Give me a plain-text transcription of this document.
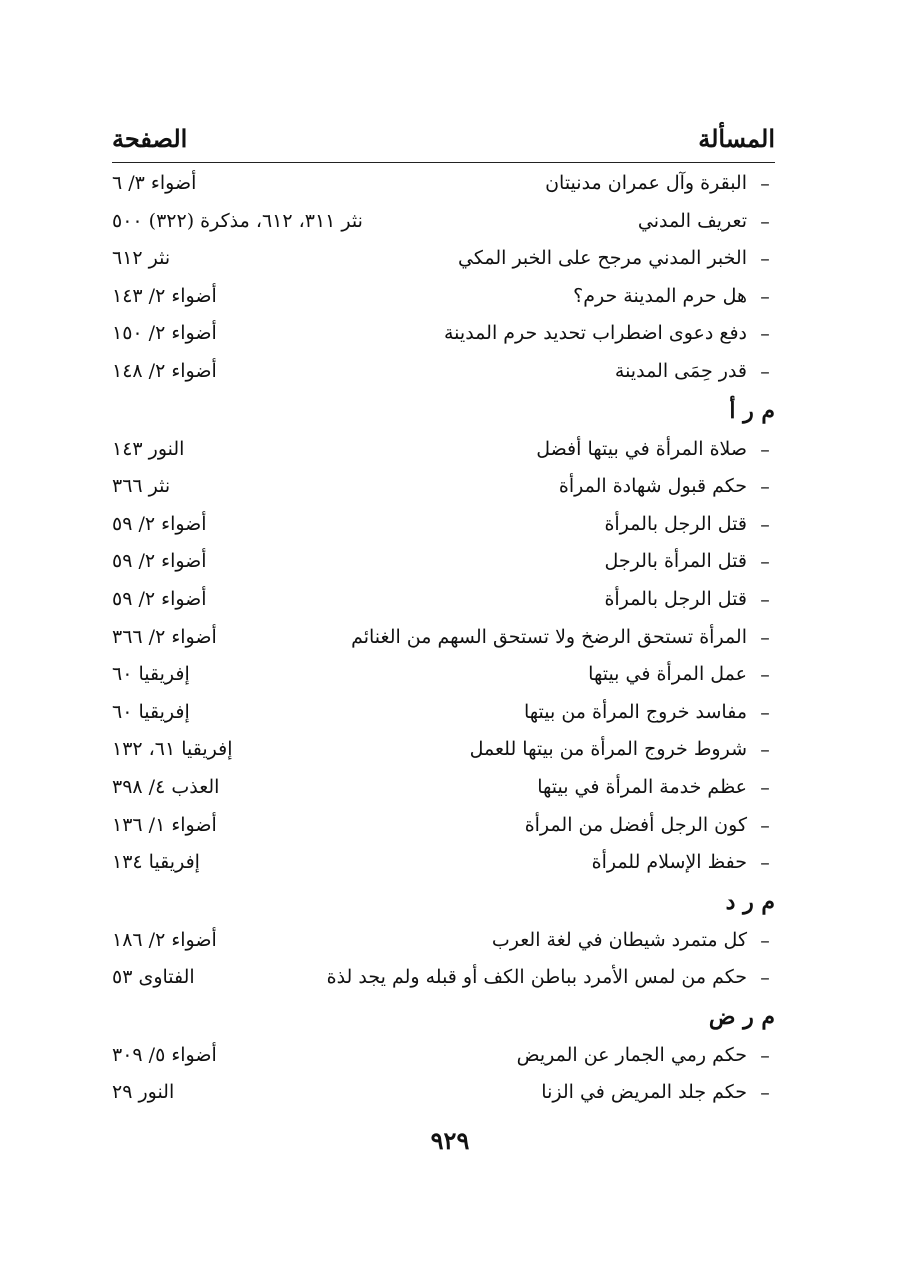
المسألة
الصفحة
–
البقرة وآل عمران مدنيتان
أضواء ٣/ ٦
–
تعريف المدني
نثر ٣١١، ٦١٢، مذكرة (٣٢٢) ٥٠٠
–
الخبر المدني مرجح على الخبر المكي
نثر ٦١٢
–
هل حرم المدينة حرم؟
أضواء ٢/ ١٤٣
–
دفع دعوى اضطراب تحديد حرم المدينة
أضواء ٢/ ١٥٠
–
قدر حِمَى المدينة
أضواء ٢/ ١٤٨
م ر أ
–
صلاة المرأة في بيتها أفضل
النور ١٤٣
–
حكم قبول شهادة المرأة
نثر ٣٦٦
–
قتل الرجل بالمرأة
أضواء ٢/ ٥٩
–
قتل المرأة بالرجل
أضواء ٢/ ٥٩
–
قتل الرجل بالمرأة
أضواء ٢/ ٥٩
–
المرأة تستحق الرضخ ولا تستحق السهم من الغنائم
أضواء ٢/ ٣٦٦
–
عمل المرأة في بيتها
إفريقيا ٦٠
–
مفاسد خروج المرأة من بيتها
إفريقيا ٦٠
–
شروط خروج المرأة من بيتها للعمل
إفريقيا ٦١، ١٣٢
–
عظم خدمة المرأة في بيتها
العذب ٤/ ٣٩٨
–
كون الرجل أفضل من المرأة
أضواء ١/ ١٣٦
–
حفظ الإسلام للمرأة
إفريقيا ١٣٤
م ر د
–
كل متمرد شيطان في لغة العرب
أضواء ٢/ ١٨٦
–
حكم من لمس الأمرد بباطن الكف أو قبله ولم يجد لذة
الفتاوى ٥٣
م ر ض
–
حكم رمي الجمار عن المريض
أضواء ٥/ ٣٠٩
–
حكم جلد المريض في الزنا
النور ٢٩
٩٢٩
